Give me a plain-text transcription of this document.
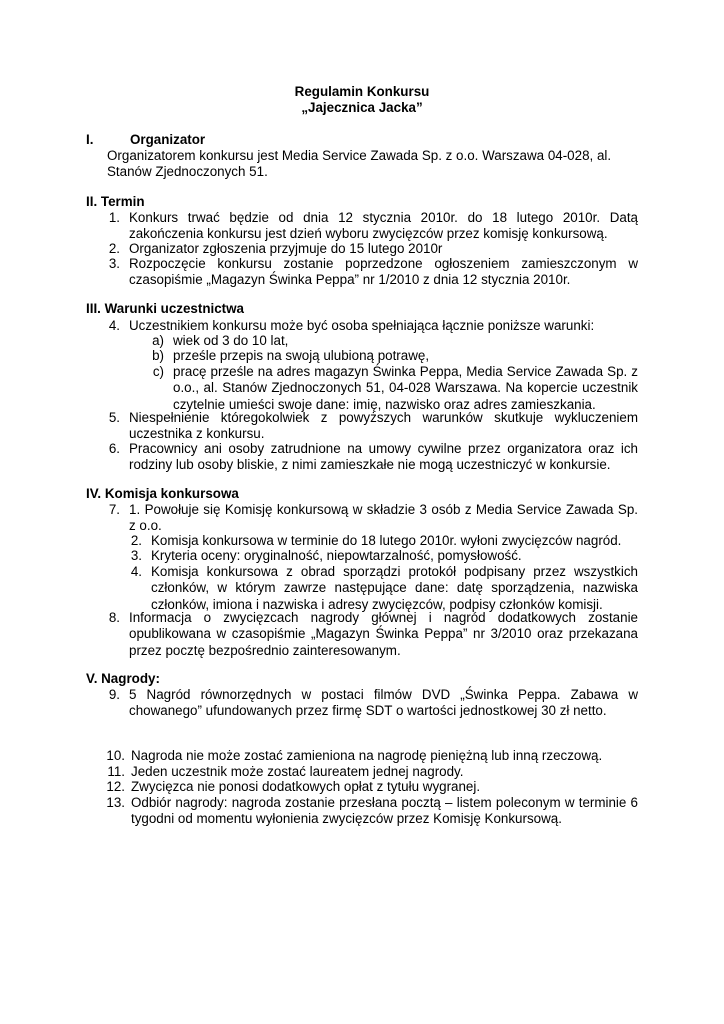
Regulamin Konkursu
„Jajecznica Jacka”
I.	Organizator
Organizatorem konkursu jest Media Service Zawada Sp. z o.o. Warszawa 04-028, al. Stanów Zjednoczonych 51.
II. Termin
1. Konkurs trwać będzie od dnia 12 stycznia 2010r. do 18 lutego 2010r. Datą zakończenia konkursu jest dzień wyboru zwycięzców przez komisję konkursową.
2. Organizator zgłoszenia przyjmuje do 15 lutego 2010r
3. Rozpoczęcie konkursu zostanie poprzedzone ogłoszeniem zamieszczonym w czasopiśmie „Magazyn Świnka Peppa” nr 1/2010 z dnia 12 stycznia 2010r.
III. Warunki uczestnictwa
4. Uczestnikiem konkursu może być osoba spełniająca łącznie poniższe warunki:
a) wiek od 3 do 10 lat,
b) prześle przepis na swoją ulubioną potrawę,
c) pracę prześle na adres magazyn Świnka Peppa, Media Service Zawada Sp. z o.o., al. Stanów Zjednoczonych 51, 04-028 Warszawa. Na kopercie uczestnik czytelnie umieści swoje dane: imię, nazwisko oraz adres zamieszkania.
5. Niespełnienie któregokolwiek z powyższych warunków skutkuje wykluczeniem uczestnika z konkursu.
6. Pracownicy ani osoby zatrudnione na umowy cywilne przez organizatora oraz ich rodziny lub osoby bliskie, z nimi zamieszkałe nie mogą uczestniczyć w konkursie.
IV. Komisja konkursowa
7. 1. Powołuje się Komisję konkursową w składzie 3 osób z Media Service Zawada Sp. z o.o.
2. Komisja konkursowa w terminie do 18 lutego 2010r. wyłoni zwycięzców nagród.
3. Kryteria oceny: oryginalność, niepowtarzalność, pomysłowość.
4. Komisja konkursowa z obrad sporządzi protokół podpisany przez wszystkich członków, w którym zawrze następujące dane: datę sporządzenia, nazwiska członków, imiona i nazwiska i adresy zwycięzców, podpisy członków komisji.
8. Informacja o zwycięzcach nagrody głównej i nagród dodatkowych zostanie opublikowana w czasopiśmie „Magazyn Świnka Peppa” nr 3/2010 oraz przekazana przez pocztę bezpośrednio zainteresowanym.
V. Nagrody:
9. 5 Nagród równorzędnych w postaci filmów DVD „Świnka Peppa. Zabawa w chowanego” ufundowanych przez firmę SDT o wartości jednostkowej 30 zł netto.
10. Nagroda nie może zostać zamieniona na nagrodę pieniężną lub inną rzeczową.
11. Jeden uczestnik może zostać laureatem jednej nagrody.
12. Zwycięzca nie ponosi dodatkowych opłat z tytułu wygranej.
13. Odbiór nagrody: nagroda zostanie przesłana pocztą – listem poleconym w terminie 6 tygodni od momentu wyłonienia zwycięzców przez Komisję Konkursową.
